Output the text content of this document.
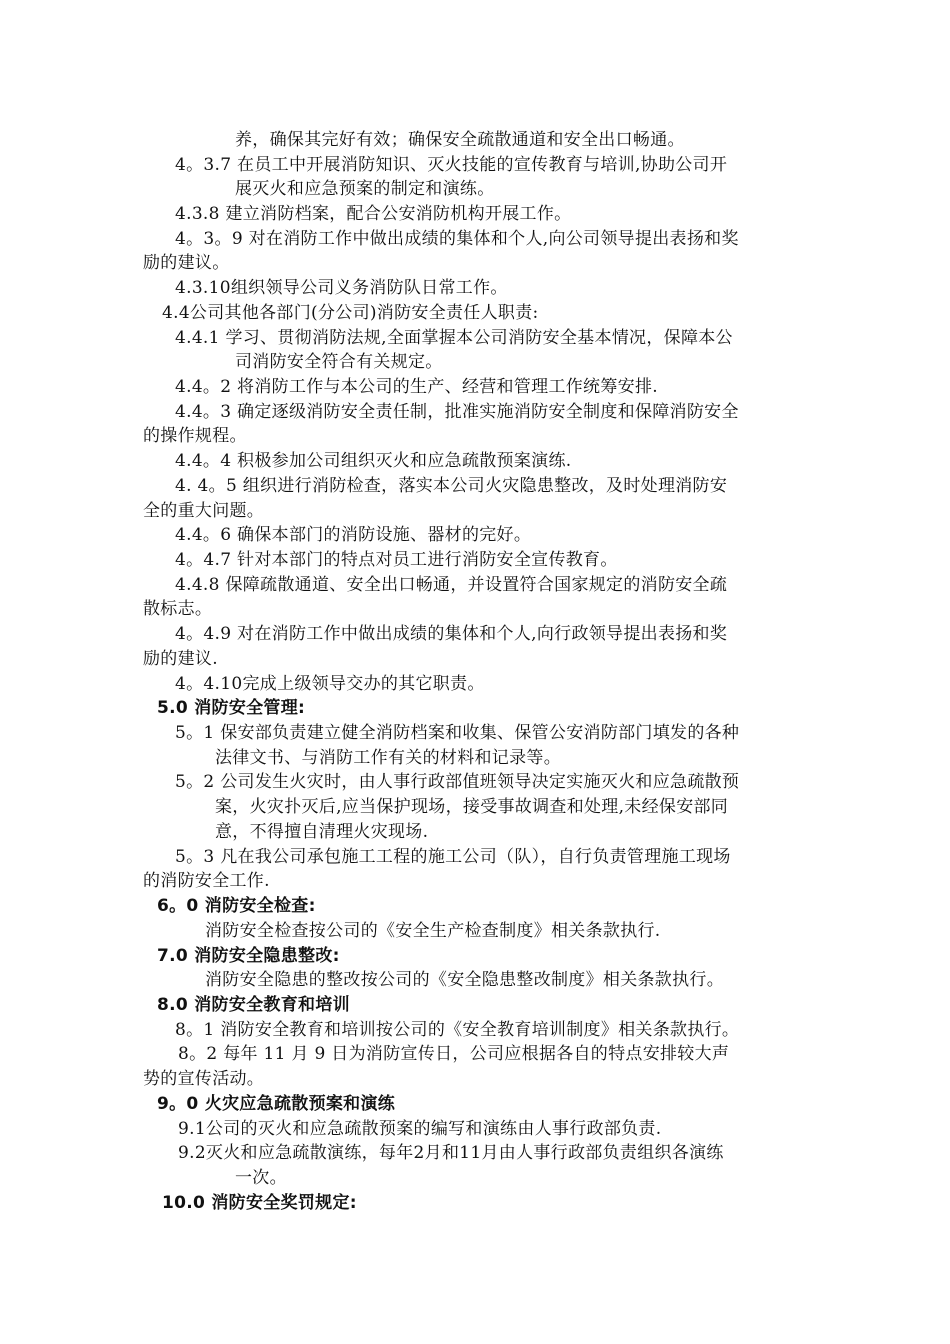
养，确保其完好有效；确保安全疏散通道和安全出口畅通。
4。3.7 在员工中开展消防知识、灭火技能的宣传教育与培训,协助公司开
展灭火和应急预案的制定和演练。
4.3.8 建立消防档案，配合公安消防机构开展工作。
4。3。9 对在消防工作中做出成绩的集体和个人,向公司领导提出表扬和奖
励的建议。
4.3.10组织领导公司义务消防队日常工作。
4.4公司其他各部门(分公司)消防安全责任人职责:
4.4.1 学习、贯彻消防法规,全面掌握本公司消防安全基本情况，保障本公
司消防安全符合有关规定。
4.4。2 将消防工作与本公司的生产、经营和管理工作统筹安排.
4.4。3 确定逐级消防安全责任制，批准实施消防安全制度和保障消防安全
的操作规程。
4.4。4 积极参加公司组织灭火和应急疏散预案演练.
4. 4。5 组织进行消防检查，落实本公司火灾隐患整改，及时处理消防安
全的重大问题。
4.4。6 确保本部门的消防设施、器材的完好。
4。4.7 针对本部门的特点对员工进行消防安全宣传教育。
4.4.8 保障疏散通道、安全出口畅通，并设置符合国家规定的消防安全疏
散标志。
4。4.9 对在消防工作中做出成绩的集体和个人,向行政领导提出表扬和奖
励的建议.
4。4.10完成上级领导交办的其它职责。
5.0 消防安全管理:
5。1 保安部负责建立健全消防档案和收集、保管公安消防部门填发的各种
法律文书、与消防工作有关的材料和记录等。
5。2 公司发生火灾时，由人事行政部值班领导决定实施灭火和应急疏散预
案，火灾扑灭后,应当保护现场，接受事故调查和处理,未经保安部同
意，不得擅自清理火灾现场.
5。3 凡在我公司承包施工工程的施工公司（队），自行负责管理施工现场
的消防安全工作.
6。0 消防安全检查:
消防安全检查按公司的《安全生产检查制度》相关条款执行.
7.0 消防安全隐患整改:
消防安全隐患的整改按公司的《安全隐患整改制度》相关条款执行。
8.0 消防安全教育和培训
8。1 消防安全教育和培训按公司的《安全教育培训制度》相关条款执行。
8。2 每年 11 月 9 日为消防宣传日，公司应根据各自的特点安排较大声
势的宣传活动。
9。0 火灾应急疏散预案和演练
9.1公司的灭火和应急疏散预案的编写和演练由人事行政部负责.
9.2灭火和应急疏散演练，每年2月和11月由人事行政部负责组织各演练
一次。
10.0 消防安全奖罚规定:
